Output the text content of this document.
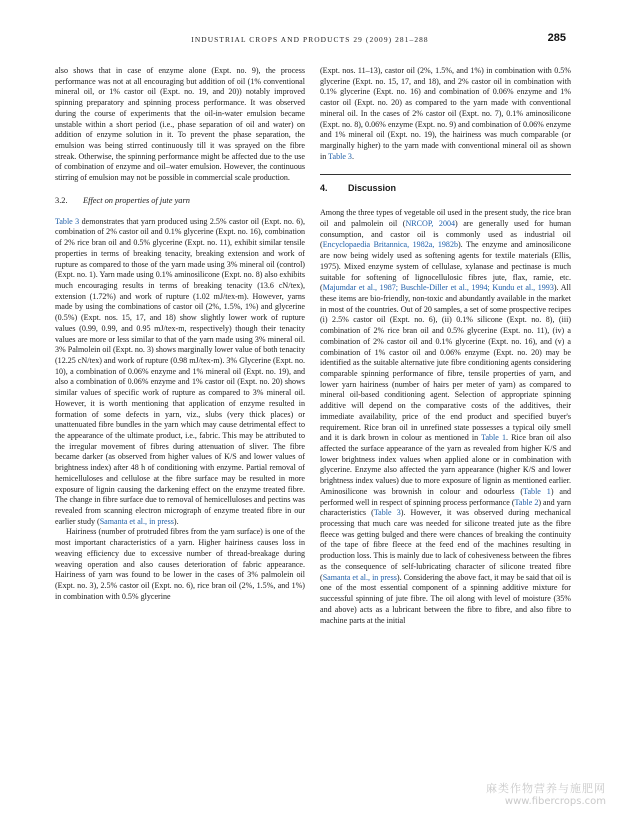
INDUSTRIAL CROPS AND PRODUCTS 29 (2009) 281–288	285

also shows that in case of enzyme alone (Expt. no. 9), the process performance was not at all encouraging but addition of oil (1% conventional mineral oil, or 1% castor oil (Expt. no. 19, and 20)) notably improved spinning preparatory and spinning process performance. It was observed during the course of experiments that the oil-in-water emulsion became unstable within a short period (i.e., phase separation of oil and water) on addition of enzyme solution in it. To prevent the phase separation, the emulsion was being stirred continuously till it was sprayed on the fibre streak. Otherwise, the spinning performance might be affected due to the use of combination of enzyme and oil–water emulsion. However, the continuous stirring of emulsion may not be possible in commercial scale production.

3.2. Effect on properties of jute yarn

Table 3 demonstrates that yarn produced using 2.5% castor oil (Expt. no. 6), combination of 2% castor oil and 0.1% glycerine (Expt. no. 16), combination of 2% rice bran oil and 0.5% glycerine (Expt. no. 11), exhibit similar tensile properties in terms of breaking tenacity, breaking extension and work of rupture as compared to those of the yarn made using 3% mineral oil (control) (Expt. no. 1). Yarn made using 0.1% aminosilicone (Expt. no. 8) also exhibits much encouraging results in terms of breaking tenacity (13.6 cN/tex), extension (1.72%) and work of rupture (1.02 mJ/tex-m). However, yarns made by using the combinations of castor oil (2%, 1.5%, 1%) and glycerine (0.5%) (Expt. nos. 15, 17, and 18) show slightly lower work of rupture values (0.99, 0.99, and 0.95 mJ/tex-m, respectively) though their tenacity values are more or less similar to that of the yarn made using 3% mineral oil. 3% Palmolein oil (Expt. no. 3) shows marginally lower value of both tenacity (12.25 cN/tex) and work of rupture (0.98 mJ/tex-m). 3% Glycerine (Expt. no. 10), a combination of 0.06% enzyme and 1% mineral oil (Expt. no. 19), and also a combination of 0.06% enzyme and 1% castor oil (Expt. no. 20) shows similar values of specific work of rupture as compared to 3% mineral oil. However, it is worth mentioning that application of enzyme resulted in formation of some defects in yarn, viz., slubs (very thick places) or unattenuated fibre bundles in the yarn which may cause detrimental effect to the appearance of the ultimate product, i.e., fabric. This may be attributed to the irregular movement of fibres during attenuation of sliver. The fibre became darker (as observed from higher values of K/S and lower values of brightness index) after 48 h of conditioning with enzyme. Partial removal of hemicelluloses and cellulose at the fibre surface may be resulted in more exposure of lignin causing the darkening effect on the enzyme treated fibre. The change in fibre surface due to removal of hemicelluloses and pectins was revealed from scanning electron micrograph of enzyme treated fibre in our earlier study (Samanta et al., in press).

Hairiness (number of protruded fibres from the yarn surface) is one of the most important characteristics of a yarn. Higher hairiness causes loss in weaving efficiency due to excessive number of thread-breakage during weaving operation and also causes deterioration of fabric appearance. Hairiness of yarn was found to be lower in the cases of 3% palmolein oil (Expt. no. 3), 2.5% castor oil (Expt. no. 6), rice bran oil (2%, 1.5%, and 1%) in combination with 0.5% glycerine

(Expt. nos. 11–13), castor oil (2%, 1.5%, and 1%) in combination with 0.5% glycerine (Expt. no. 15, 17, and 18), and 2% castor oil in combination with 0.1% glycerine (Expt. no. 16) and combination of 0.06% enzyme and 1% castor oil (Expt. no. 20) as compared to the yarn made with conventional mineral oil. In the cases of 2% castor oil (Expt. no. 7), 0.1% aminosilicone (Expt. no. 8), 0.06% enzyme (Expt. no. 9) and combination of 0.06% enzyme and 1% mineral oil (Expt. no. 19), the hairiness was much comparable (or marginally higher) to the yarn made with conventional mineral oil as shown in Table 3.

4. Discussion

Among the three types of vegetable oil used in the present study, the rice bran oil and palmolein oil (NRCOP, 2004) are generally used for human consumption, and castor oil is commonly used as industrial oil (Encyclopaedia Britannica, 1982a, 1982b). The enzyme and aminosilicone are now being widely used as softening agents for textile materials (Ellis, 1975). Mixed enzyme system of cellulase, xylanase and pectinase is much suitable for softening of lignocellulosic fibres jute, flax, ramie, etc. (Majumdar et al., 1987; Buschle-Diller et al., 1994; Kundu et al., 1993). All these items are bio-friendly, non-toxic and abundantly available in the market in most of the countries. Out of 20 samples, a set of some prospective recipes (i) 2.5% castor oil (Expt. no. 6), (ii) 0.1% silicone (Expt. no. 8), (iii) combination of 2% rice bran oil and 0.5% glycerine (Expt. no. 11), (iv) a combination of 2% castor oil and 0.1% glycerine (Expt. no. 16), and (v) a combination of 1% castor oil and 0.06% enzyme (Expt. no. 20) may be identified as the suitable alternative jute fibre conditioning agents considering comparable spinning performance of fibre, tensile properties of yarn, and lower yarn hairiness (number of hairs per meter of yarn) as compared to mineral oil-based conditioning agent. Selection of appropriate spinning additive will depend on the comparative costs of the additives, their immediate availability, price of the end product and specified buyer's requirement. Rice bran oil in unrefined state possesses a typical oily smell and it is dark brown in colour as mentioned in Table 1. Rice bran oil also affected the surface appearance of the yarn as revealed from higher K/S and lower brightness index values when applied alone or in combination with glycerine. Enzyme also affected the yarn appearance (higher K/S and lower brightness index values) due to more exposure of lignin as mentioned earlier. Aminosilicone was brownish in colour and odourless (Table 1) and performed well in respect of spinning process performance (Table 2) and yarn characteristics (Table 3). However, it was observed during mechanical processing that much care was needed for silicone treated jute as the fibre fleece was getting bulged and there were chances of breaking the continuity of the tape of fibre fleece at the feed end of the machines resulting in production loss. This is mainly due to lack of cohesiveness between the fibres as the consequence of self-lubricating character of silicone treated fibre (Samanta et al., in press). Considering the above fact, it may be said that oil is one of the most essential component of a spinning additive mixture for successful spinning of jute fibre. The oil along with level of moisture (35% and above) acts as a lubricant between the fibre to fibre, and also fibre to machine parts at the initial

麻类作物营养与施肥网
www.fibercrops.com
